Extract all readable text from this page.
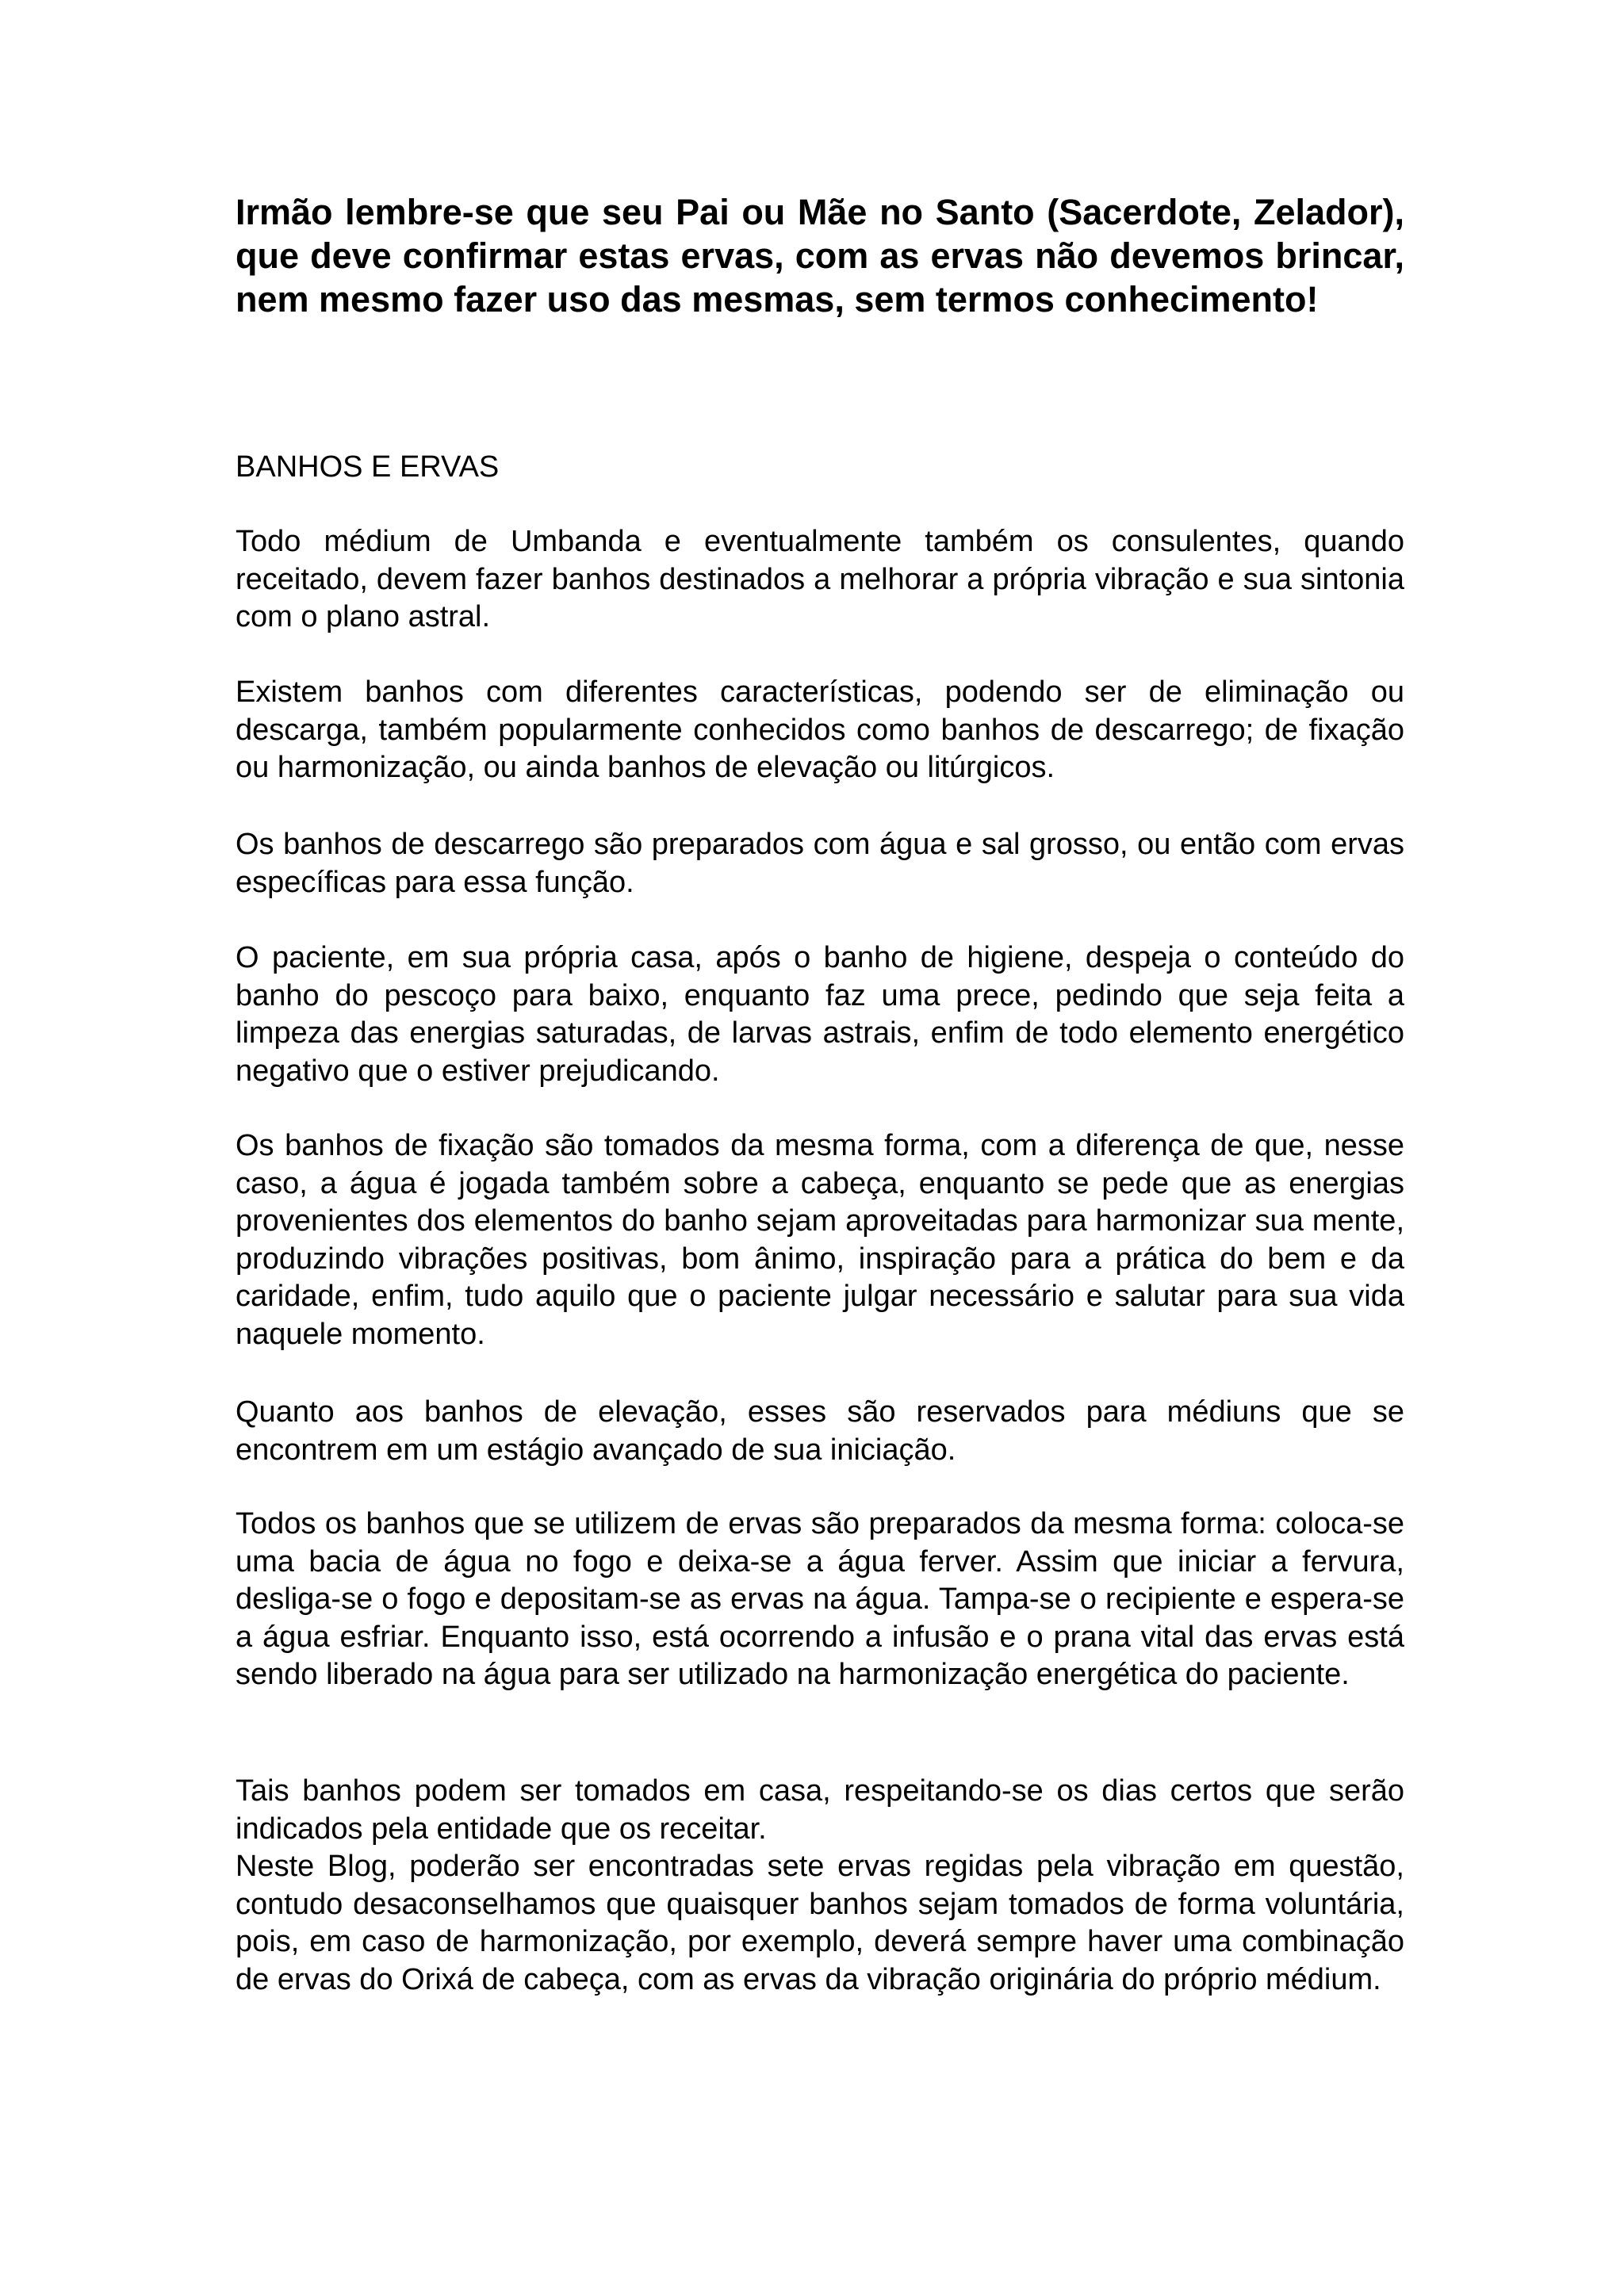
Irmão lembre-se que seu Pai ou Mãe no Santo (Sacerdote, Zelador), que deve confirmar estas ervas, com as ervas não devemos brincar, nem mesmo fazer uso das mesmas, sem termos conhecimento!

BANHOS E ERVAS

Todo médium de Umbanda e eventualmente também os consulentes, quando receitado, devem fazer banhos destinados a melhorar a própria vibração e sua sintonia com o plano astral.

Existem banhos com diferentes características, podendo ser de eliminação ou descarga, também popularmente conhecidos como banhos de descarrego; de fixação ou harmonização, ou ainda banhos de elevação ou litúrgicos.

Os banhos de descarrego são preparados com água e sal grosso, ou então com ervas específicas para essa função.

O paciente, em sua própria casa, após o banho de higiene, despeja o conteúdo do banho do pescoço para baixo, enquanto faz uma prece, pedindo que seja feita a limpeza das energias saturadas, de larvas astrais, enfim de todo elemento energético negativo que o estiver prejudicando.

Os banhos de fixação são tomados da mesma forma, com a diferença de que, nesse caso, a água é jogada também sobre a cabeça, enquanto se pede que as energias provenientes dos elementos do banho sejam aproveitadas para harmonizar sua mente, produzindo vibrações positivas, bom ânimo, inspiração para a prática do bem e da caridade, enfim, tudo aquilo que o paciente julgar necessário e salutar para sua vida naquele momento.

Quanto aos banhos de elevação, esses são reservados para médiuns que se encontrem em um estágio avançado de sua iniciação.

Todos os banhos que se utilizem de ervas são preparados da mesma forma: coloca-se uma bacia de água no fogo e deixa-se a água ferver. Assim que iniciar a fervura, desliga-se o fogo e depositam-se as ervas na água. Tampa-se o recipiente e espera-se a água esfriar. Enquanto isso, está ocorrendo a infusão e o prana vital das ervas está sendo liberado na água para ser utilizado na harmonização energética do paciente.

Tais banhos podem ser tomados em casa, respeitando-se os dias certos que serão indicados pela entidade que os receitar.

Neste Blog, poderão ser encontradas sete ervas regidas pela vibração em questão, contudo desaconselhamos que quaisquer banhos sejam tomados de forma voluntária, pois, em caso de harmonização, por exemplo, deverá sempre haver uma combinação de ervas do Orixá de cabeça, com as ervas da vibração originária do próprio médium.
